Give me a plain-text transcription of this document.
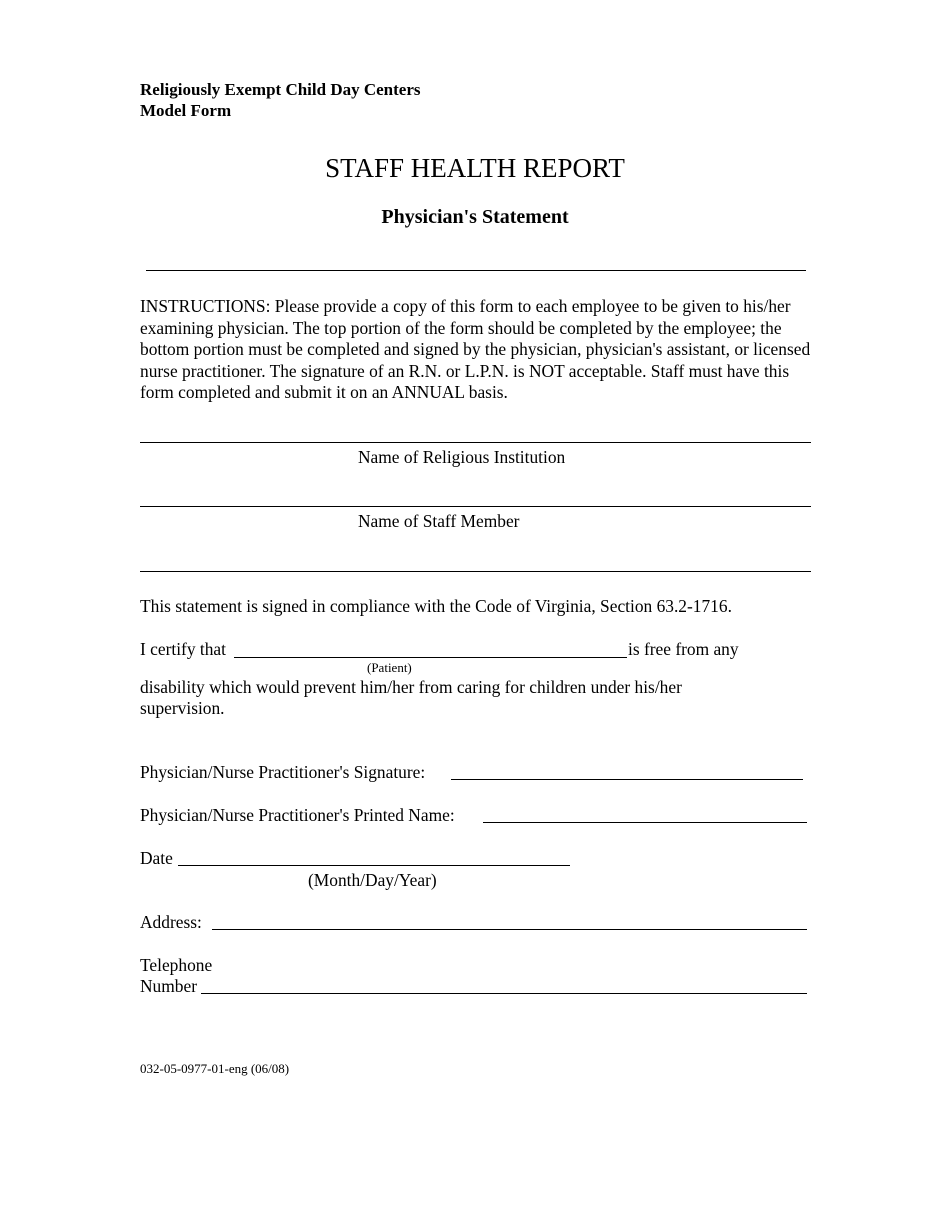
Religiously Exempt Child Day Centers
Model Form
STAFF HEALTH REPORT
Physician's Statement
INSTRUCTIONS: Please provide a copy of this form to each employee to be given to his/her examining physician. The top portion of the form should be completed by the employee; the bottom portion must be completed and signed by the physician, physician's assistant, or licensed nurse practitioner. The signature of an R.N. or L.P.N. is NOT acceptable. Staff must have this form completed and submit it on an ANNUAL basis.
Name of Religious Institution
Name of Staff Member
This statement is signed in compliance with the Code of Virginia, Section 63.2-1716.
I certify that	is free from any
(Patient)
disability which would prevent him/her from caring for children under his/her
supervision.
Physician/Nurse Practitioner's Signature:
Physician/Nurse Practitioner's Printed Name:
Date
(Month/Day/Year)
Address:
Telephone
Number
032-05-0977-01-eng (06/08)
